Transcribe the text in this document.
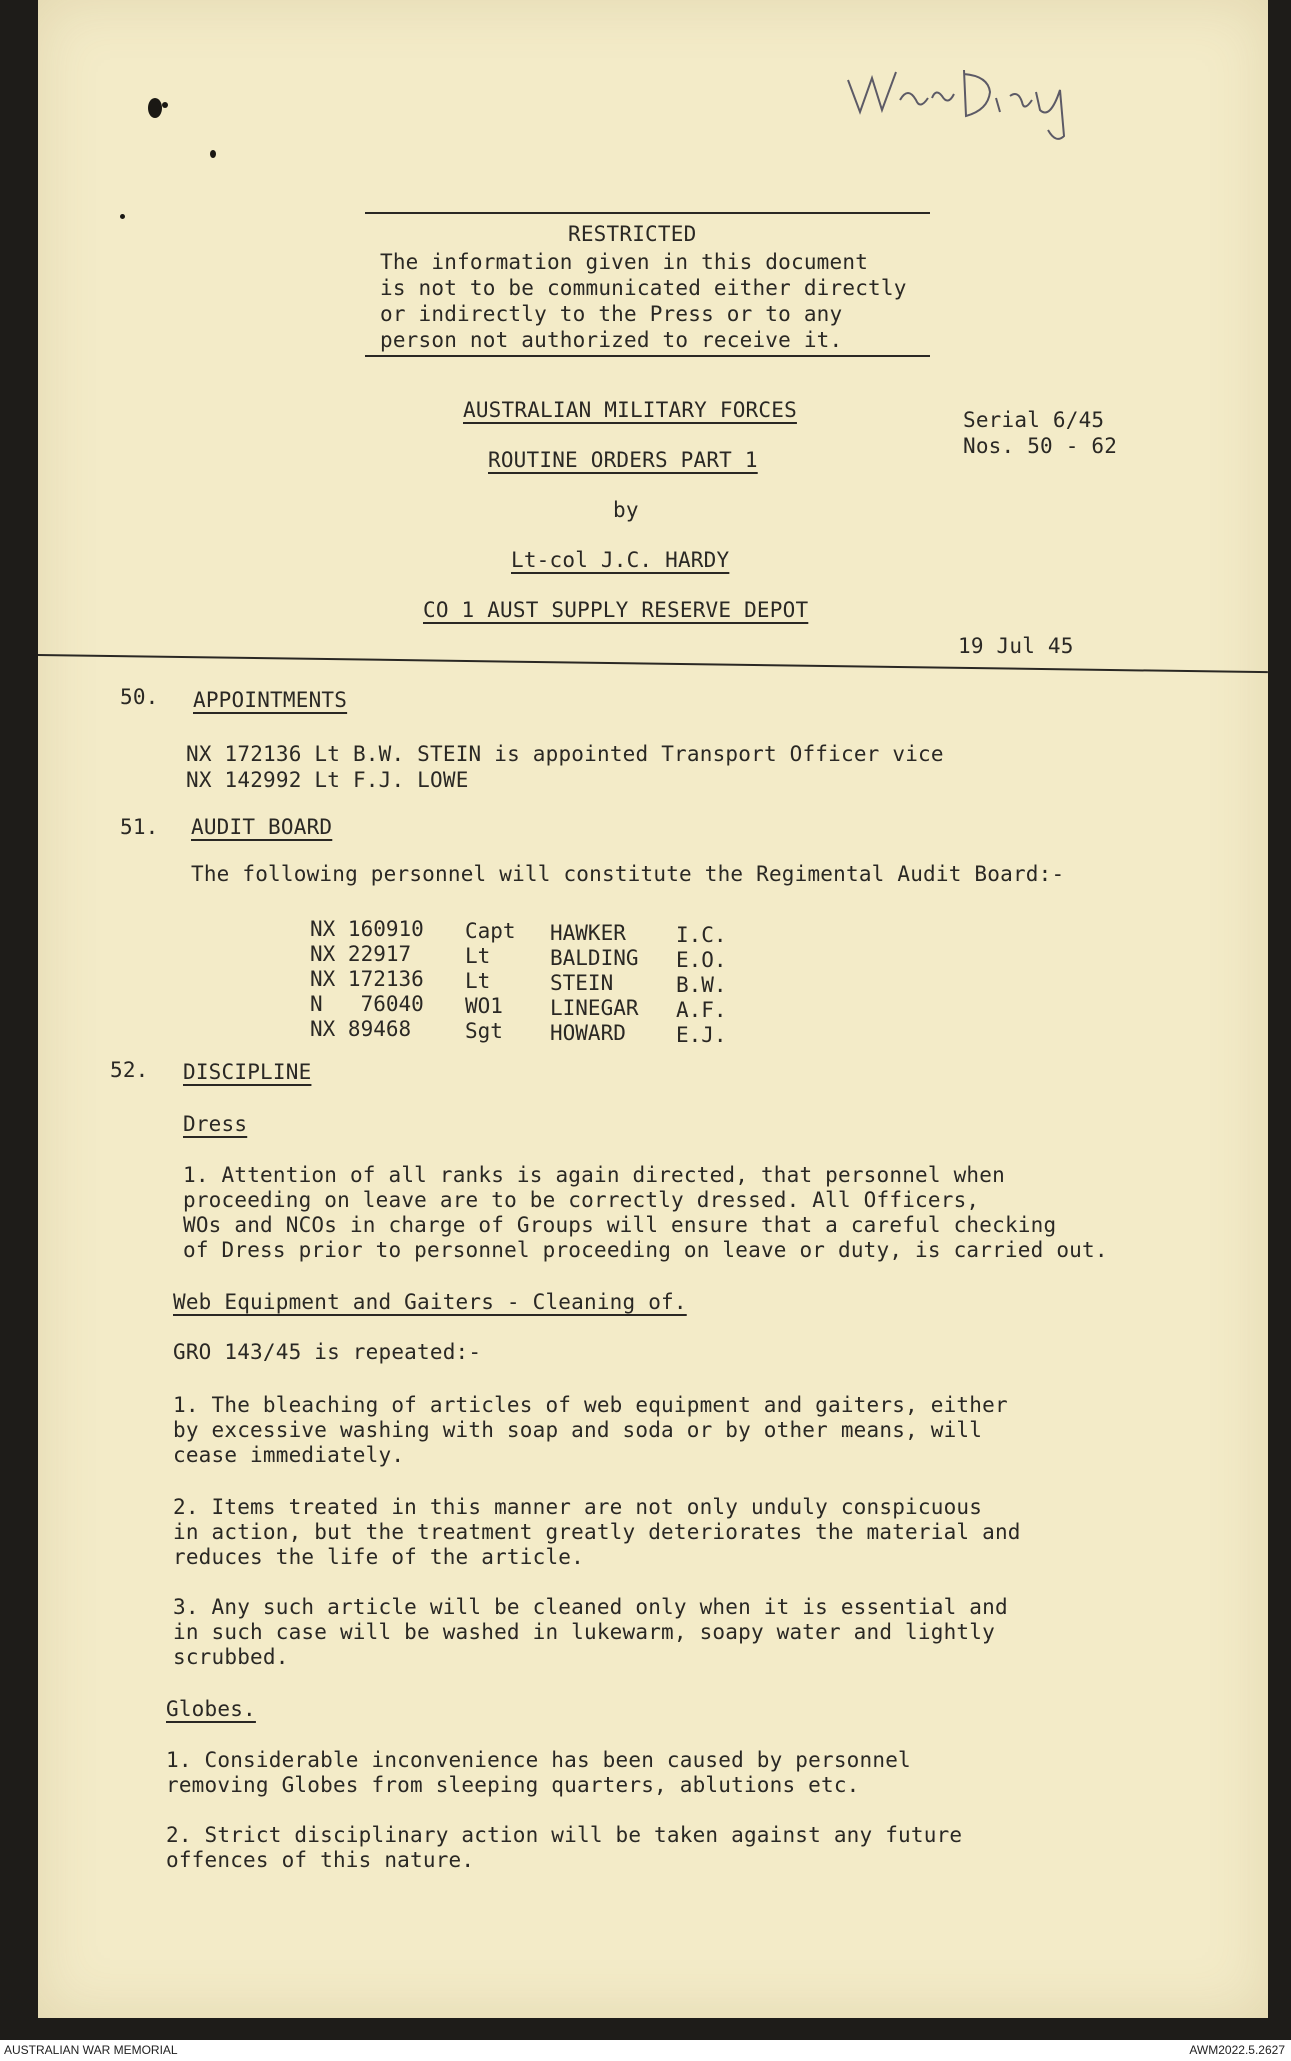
RESTRICTED
The information given in this document
is not to be communicated either directly
or indirectly to the Press or to any
person not authorized to receive it.
AUSTRALIAN MILITARY FORCES
ROUTINE ORDERS PART 1
by
Lt-col J.C. HARDY
CO 1 AUST SUPPLY RESERVE DEPOT
Serial 6/45
Nos. 50 - 62
19 Jul 45
50. APPOINTMENTS
NX 172136 Lt B.W. STEIN is appointed Transport Officer vice
NX 142992 Lt F.J. LOWE
51. AUDIT BOARD
The following personnel will constitute the Regimental Audit Board:-
NX 160910 Capt HAWKER I.C.
NX 22917	Lt	BALDING E.O.
NX 172136 Lt	STEIN	B.W.
N   76040 WO1 LINEGAR A.F.
NX 89468	Sgt HOWARD E.J.
52. DISCIPLINE
Dress
1. Attention of all ranks is again directed, that personnel when
proceeding on leave are to be correctly dressed. All Officers,
WOs and NCOs in charge of Groups will ensure that a careful checking
of Dress prior to personnel proceeding on leave or duty, is carried out.
Web Equipment and Gaiters - Cleaning of.
GRO 143/45 is repeated:-
1. The bleaching of articles of web equipment and gaiters, either
by excessive washing with soap and soda or by other means, will
cease immediately.
2. Items treated in this manner are not only unduly conspicuous
in action, but the treatment greatly deteriorates the material and
reduces the life of the article.
3. Any such article will be cleaned only when it is essential and
in such case will be washed in lukewarm, soapy water and lightly
scrubbed.
Globes.
1. Considerable inconvenience has been caused by personnel
removing Globes from sleeping quarters, ablutions etc.
2. Strict disciplinary action will be taken against any future
offences of this nature.
AUSTRALIAN WAR MEMORIAL	AWM2022.5.2627
